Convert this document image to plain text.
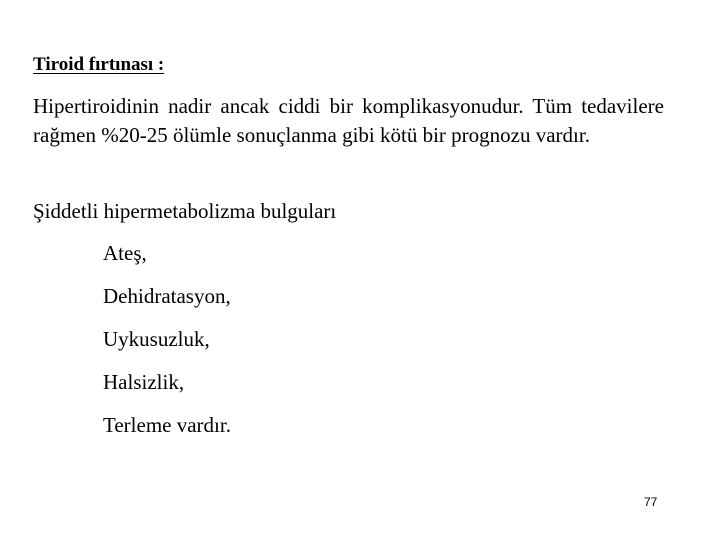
Tiroid fırtınası :
Hipertiroidinin nadir ancak ciddi bir komplikasyonudur. Tüm tedavilere rağmen %20-25 ölümle sonuçlanma gibi kötü bir prognozu vardır.
Şiddetli hipermetabolizma bulguları
Ateş,
Dehidratasyon,
Uykusuzluk,
Halsizlik,
Terleme vardır.
77
